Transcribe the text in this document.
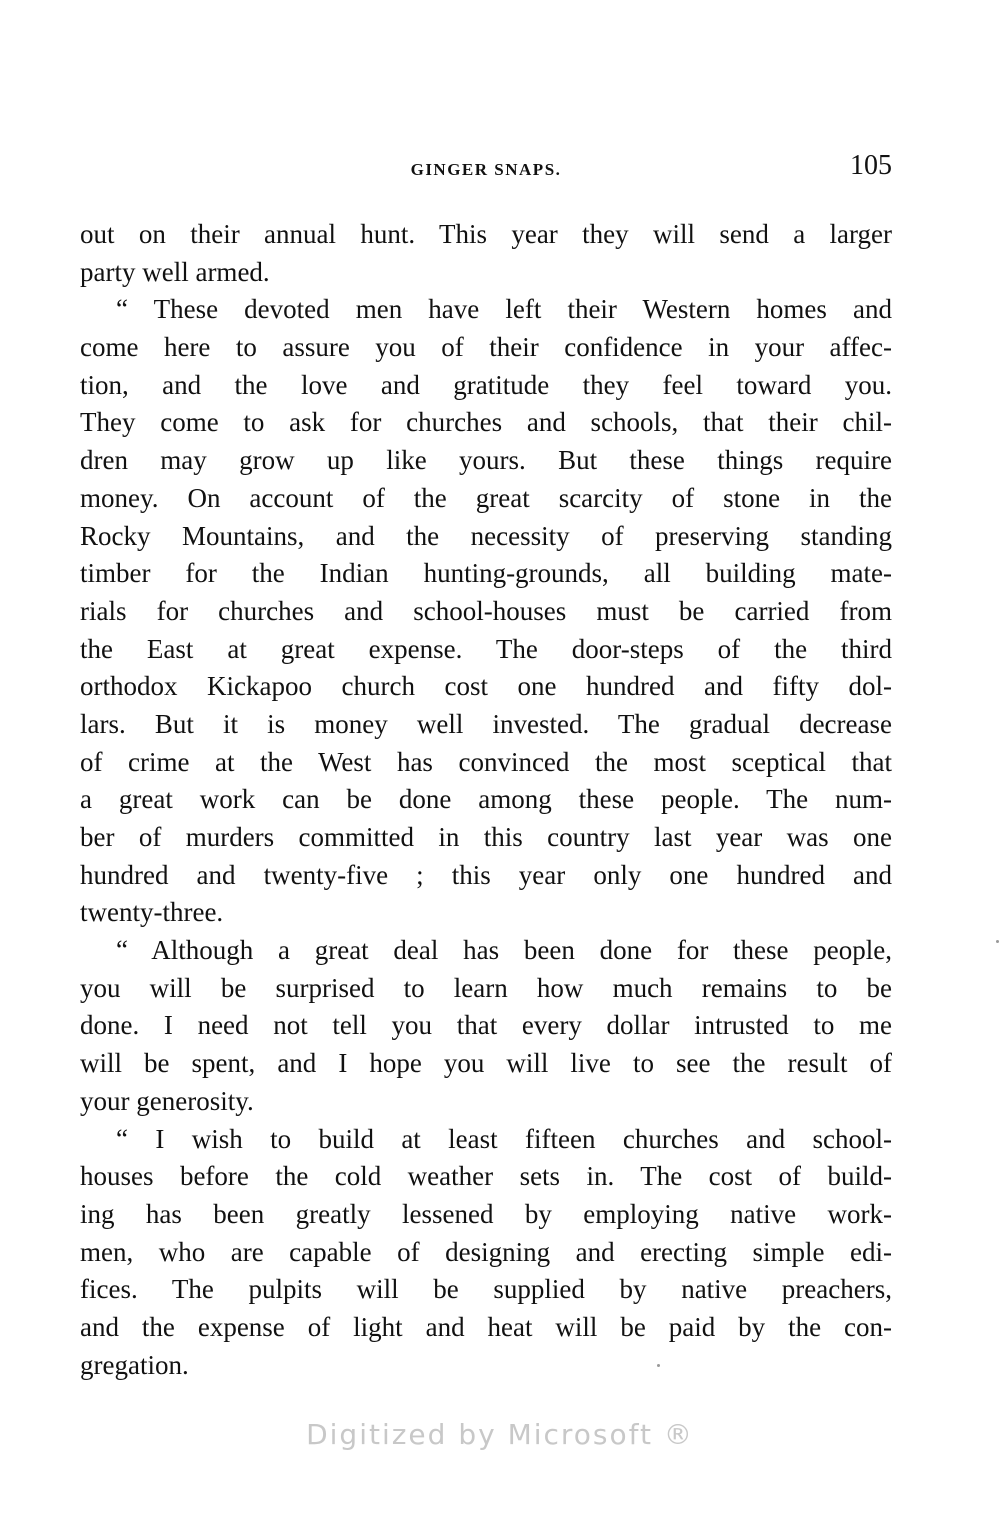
GINGER SNAPS.	105
out on their annual hunt. This year they will send a larger
party well armed.
“ These devoted men have left their Western homes and
come here to assure you of their confidence in your affec-
tion, and the love and gratitude they feel toward you.
They come to ask for churches and schools, that their chil-
dren may grow up like yours. But these things require
money. On account of the great scarcity of stone in the
Rocky Mountains, and the necessity of preserving standing
timber for the Indian hunting-grounds, all building mate-
rials for churches and school-houses must be carried from
the East at great expense. The door-steps of the third
orthodox Kickapoo church cost one hundred and fifty dol-
lars. But it is money well invested. The gradual decrease
of crime at the West has convinced the most sceptical that
a great work can be done among these people. The num-
ber of murders committed in this country last year was one
hundred and twenty-five ; this year only one hundred and
twenty-three.
“ Although a great deal has been done for these people,
you will be surprised to learn how much remains to be
done. I need not tell you that every dollar intrusted to me
will be spent, and I hope you will live to see the result of
your generosity.
“ I wish to build at least fifteen churches and school-
houses before the cold weather sets in. The cost of build-
ing has been greatly lessened by employing native work-
men, who are capable of designing and erecting simple edi-
fices. The pulpits will be supplied by native preachers,
and the expense of light and heat will be paid by the con-
gregation.
Digitized by Microsoft ®
